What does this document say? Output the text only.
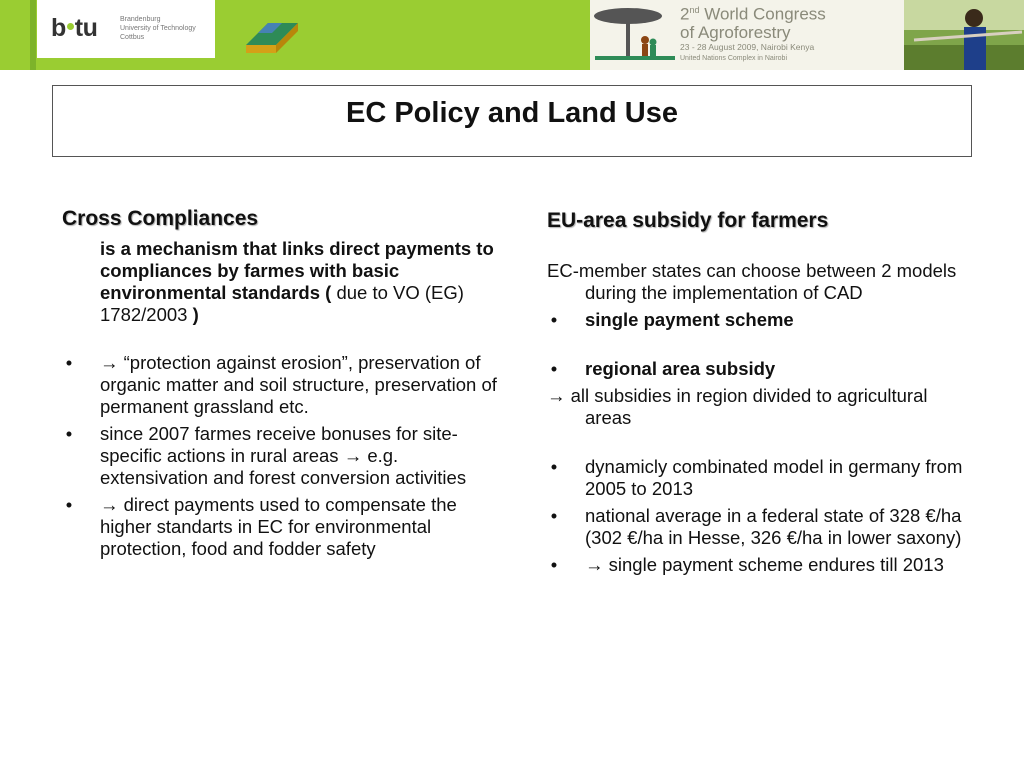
b tu	Brandenburg
University of Technology
Cottbus
2nd World Congress
of Agroforestry
23 - 28 August 2009, Nairobi Kenya
United Nations Complex in Nairobi
EC Policy and Land Use
Cross Compliances
is a mechanism that links direct payments to compliances by farmes with basic environmental standards ( due to VO (EG) 1782/2003 )
• → “protection against erosion”, preservation of organic matter and soil structure, preservation of permanent grassland etc.
• since 2007 farmes receive bonuses for site-specific actions in rural areas → e.g. extensivation and forest conversion activities
• → direct payments used to compensate the higher standarts in EC for environmental protection, food and fodder safety
EU-area subsidy for farmers
EC-member states can choose between 2 models during the implementation of CAD
• single payment scheme
• regional area subsidy
→ all subsidies in region divided to agricultural areas
• dynamicly combinated model in germany from 2005 to 2013
• national average in a federal state of 328 €/ha (302 €/ha in Hesse, 326 €/ha in lower saxony)
• → single payment scheme endures till 2013
